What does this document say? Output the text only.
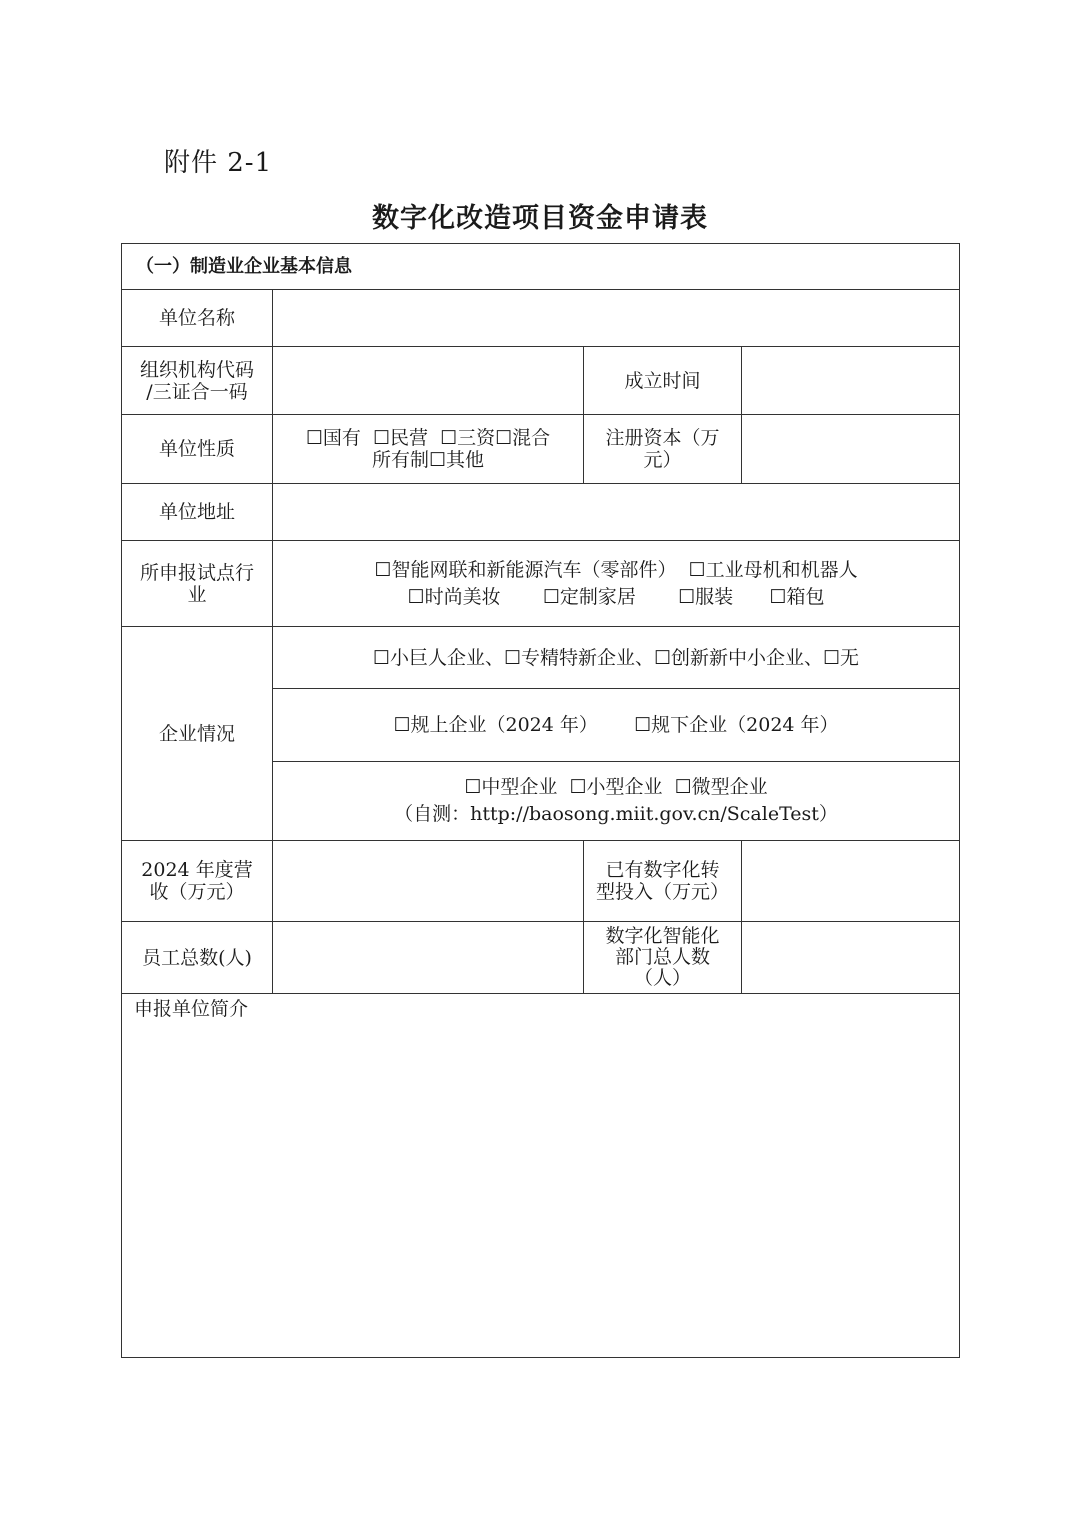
附件 2-1
数字化改造项目资金申请表
（一）制造业企业基本信息
单位名称
组织机构代码
/三证合一码	成立时间
单位性质	☐国有  ☐民营  ☐三资☐混合
所有制☐其他
注册资本（万
元）
单位地址
所申报试点行
业
☐智能网联和新能源汽车（零部件）  ☐工业母机和机器人
☐时尚美妆       ☐定制家居       ☐服装      ☐箱包
企业情况
☐小巨人企业、☐专精特新企业、☐创新新中小企业、☐无
☐规上企业（2024 年）      ☐规下企业（2024 年）
☐中型企业  ☐小型企业  ☐微型企业
（自测：http://baosong.miit.gov.cn/ScaleTest）
2024 年度营
收（万元）
已有数字化转
型投入（万元）
员工总数(人)
数字化智能化
部门总人数
（人）
申报单位简介
